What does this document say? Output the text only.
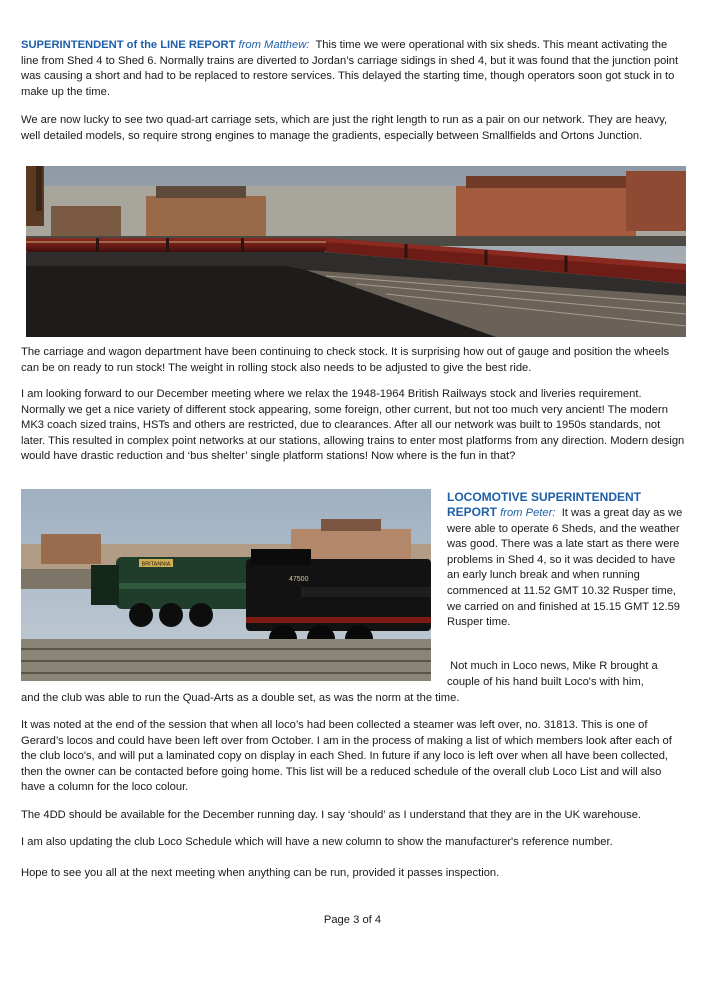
SUPERINTENDENT of the LINE REPORT from Matthew: This time we were operational with six sheds. This meant activating the line from Shed 4 to Shed 6. Normally trains are diverted to Jordan’s carriage sidings in shed 4, but it was found that the junction point was causing a short and had to be replaced to restore services. This delayed the starting time, though operators soon got stuck in to make up the time.

We are now lucky to see two quad-art carriage sets, which are just the right length to run as a pair on our network. They are heavy, well detailed models, so require strong engines to manage the gradients, especially between Smallfields and Ortons Junction.

The carriage and wagon department have been continuing to check stock. It is surprising how out of gauge and position the wheels can be on ready to run stock! The weight in rolling stock also needs to be adjusted to give the best ride.

I am looking forward to our December meeting where we relax the 1948-1964 British Railways stock and liveries requirement. Normally we get a nice variety of different stock appearing, some foreign, other current, but not too much very ancient! The modern MK3 coach sized trains, HSTs and others are restricted, due to clearances. After all our network was built to 1950s standards, not later. This resulted in complex point networks at our stations, allowing trains to enter most platforms from any direction. Modern design would have drastic reduction and ‘bus shelter’ single platform stations! Now where is the fun in that?

BRITANNIA
47500
LOCOMOTIVE SUPERINTENDENT

REPORT from Peter: It was a great day as we were able to operate 6 Sheds, and the weather was good. There was a late start as there were problems in Shed 4, so it was decided to have an early lunch break and when running commenced at 11.52 GMT 10.32 Rusper time, we carried on and finished at 15.15 GMT 12.59 Rusper time.

Not much in Loco news, Mike R brought a

couple of his hand built Loco's with him,

and the club was able to run the Quad-Arts as a double set, as was the norm at the time.

It was noted at the end of the session that when all loco’s had been collected a steamer was left over, no. 31813. This is one of Gerard’s locos and could have been left over from October. I am in the process of making a list of which members look after each of the club loco's, and will put a laminated copy on display in each Shed. In future if any loco is left over when all have been collected, then the owner can be contacted before going home. This list will be a reduced schedule of the overall club Loco List and will also have a column for the loco colour.

The 4DD should be available for the December running day. I say ‘should’ as I understand that they are in the UK warehouse.

I am also updating the club Loco Schedule which will have a new column to show the manufacturer's reference number.

Hope to see you all at the next meeting when anything can be run, provided it passes inspection.

Page 3 of 4
